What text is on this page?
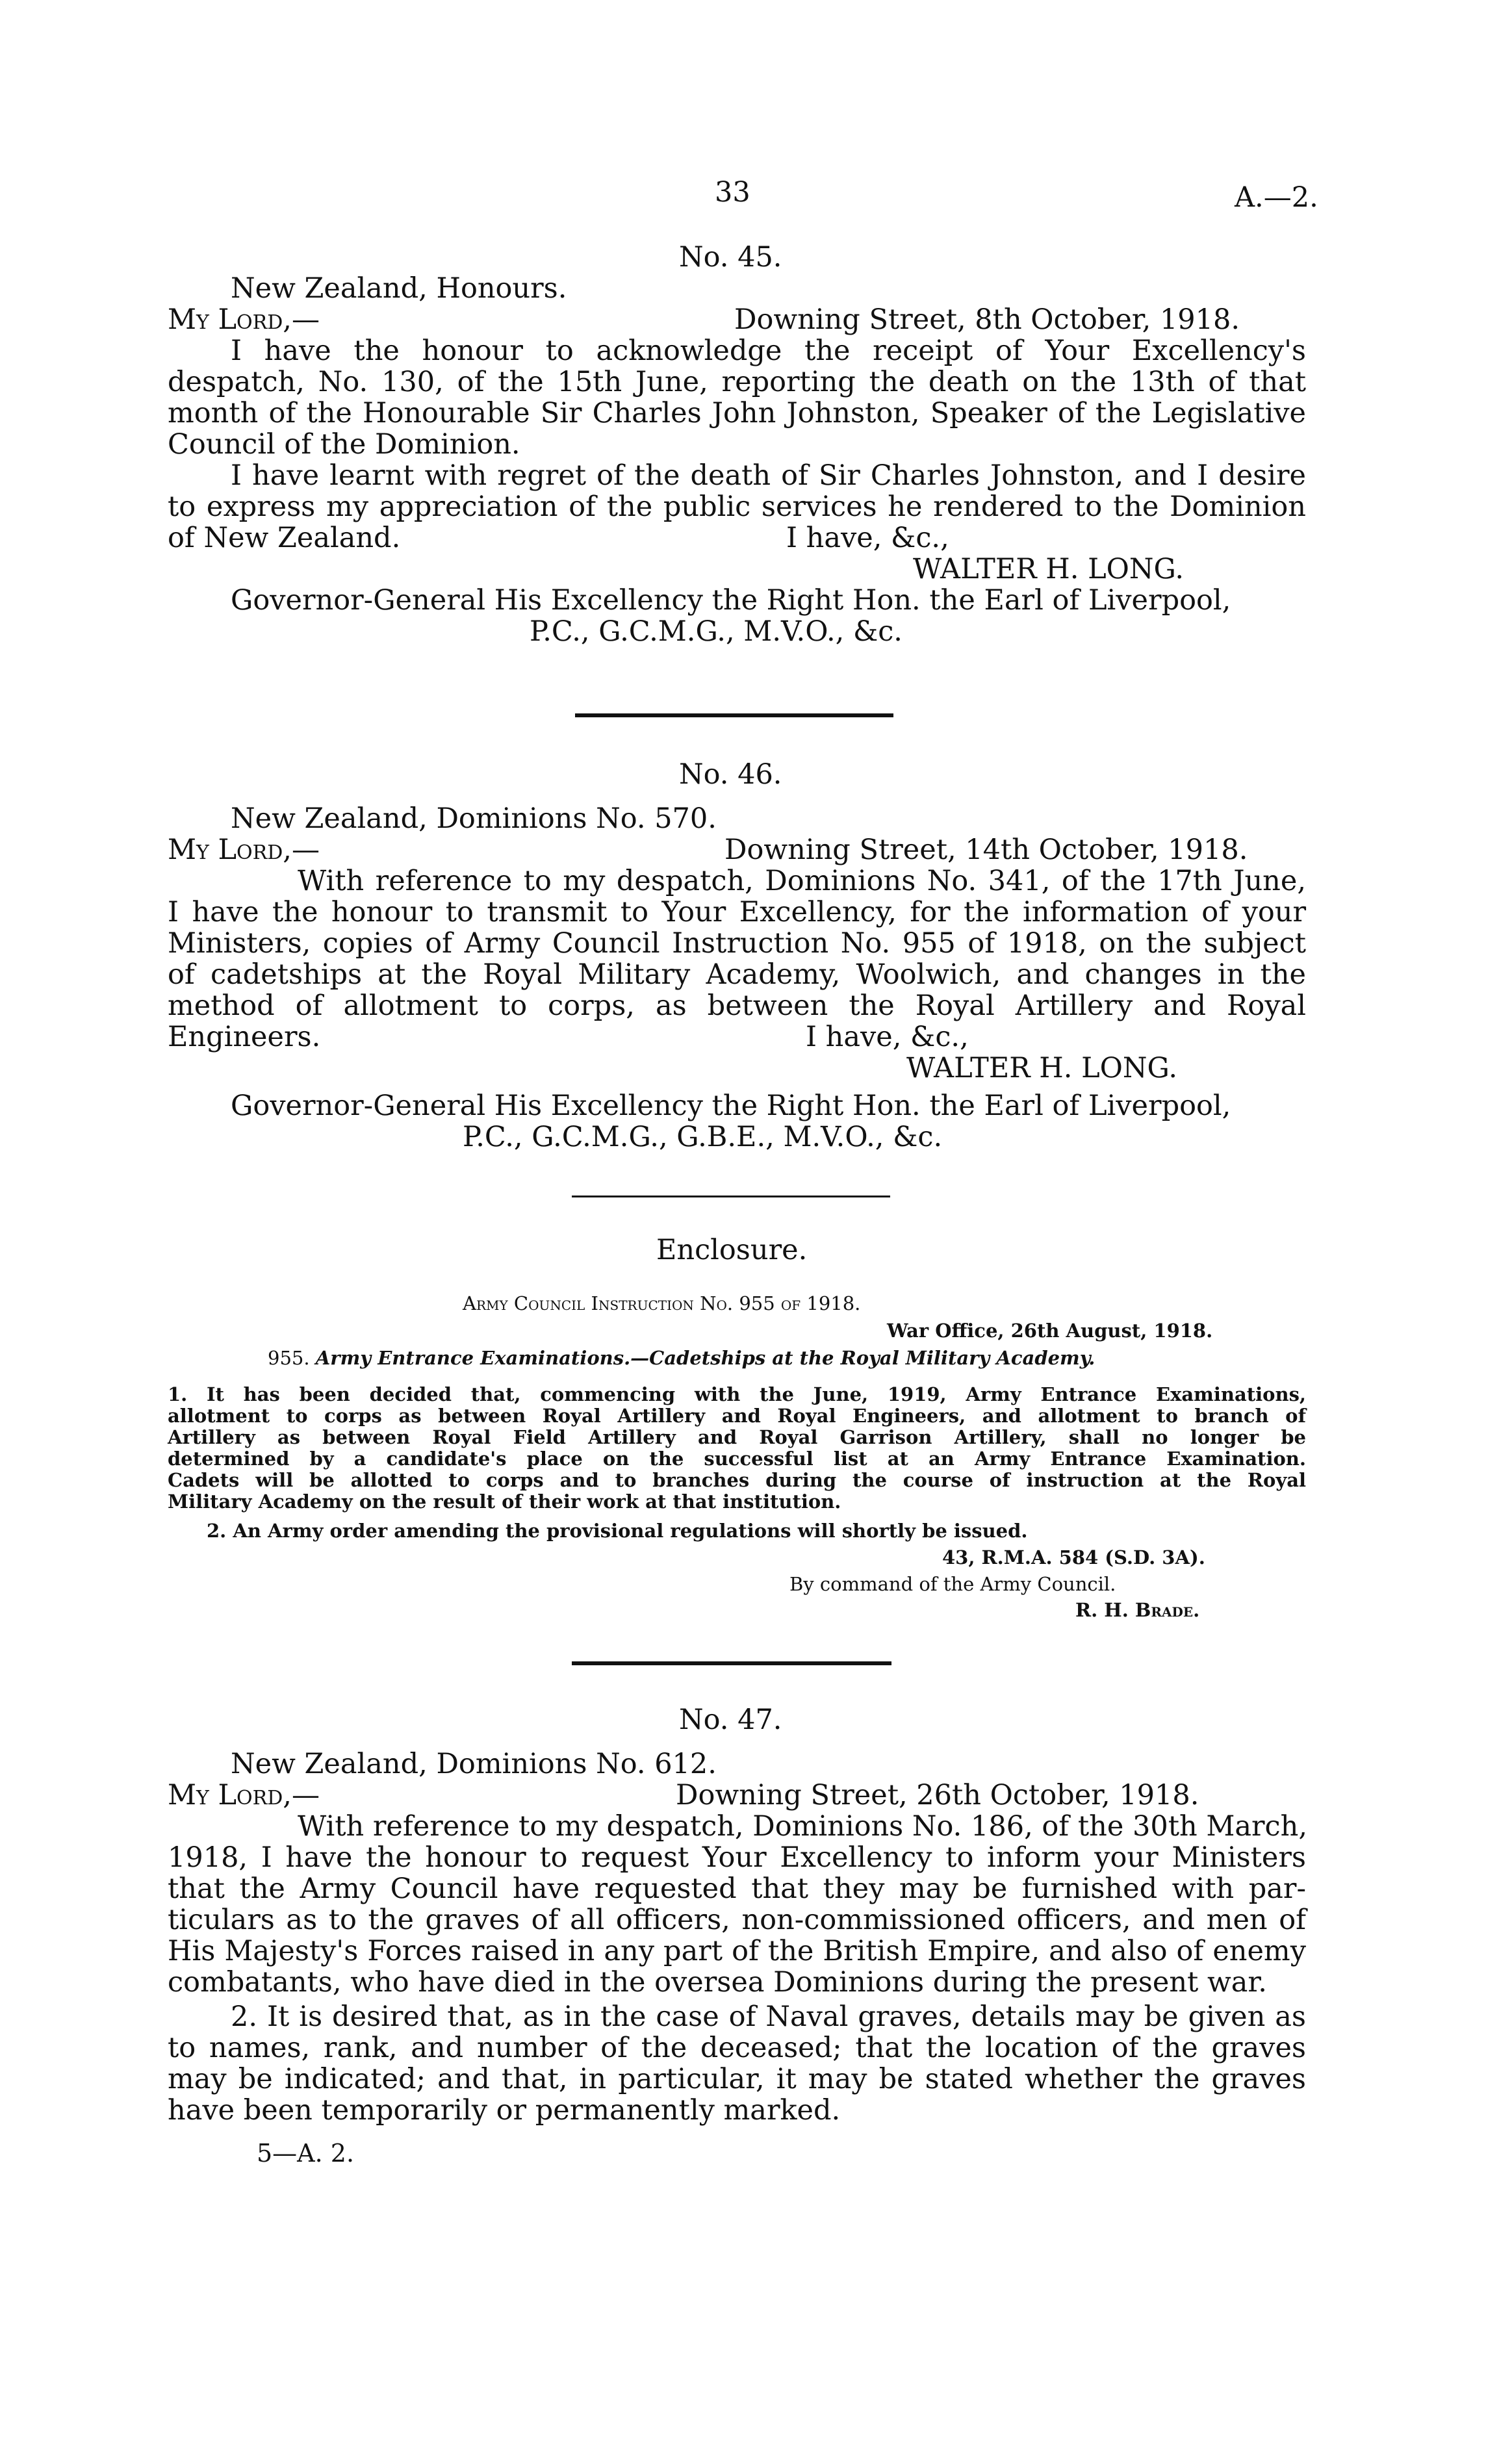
33	A.—2.
No. 45.
New Zealand, Honours.
My Lord,—	Downing Street, 8th October, 1918.
I have the honour to acknowledge the receipt of Your Excellency's
despatch, No. 130, of the 15th June, reporting the death on the 13th of that
month of the Honourable Sir Charles John Johnston, Speaker of the Legislative
Council of the Dominion.
I have learnt with regret of the death of Sir Charles Johnston, and I desire
to express my appreciation of the public services he rendered to the Dominion
of New Zealand.	I have, &c.,
WALTER H. LONG.
Governor-General His Excellency the Right Hon. the Earl of Liverpool,
P.C., G.C.M.G., M.V.O., &c.
No. 46.
New Zealand, Dominions No. 570.
My Lord,—	Downing Street, 14th October, 1918.
With reference to my despatch, Dominions No. 341, of the 17th June,
I have the honour to transmit to Your Excellency, for the information of your
Ministers, copies of Army Council Instruction No. 955 of 1918, on the subject
of cadetships at the Royal Military Academy, Woolwich, and changes in the
method of allotment to corps, as between the Royal Artillery and Royal
Engineers.	I have, &c.,
WALTER H. LONG.
Governor-General His Excellency the Right Hon. the Earl of Liverpool,
P.C., G.C.M.G., G.B.E., M.V.O., &c.
Enclosure.
Army Council Instruction No. 955 of 1918.
War Office, 26th August, 1918.
955. Army Entrance Examinations.—Cadetships at the Royal Military Academy.
1. It has been decided that, commencing with the June, 1919, Army Entrance Examinations,
allotment to corps as between Royal Artillery and Royal Engineers, and allotment to branch of
Artillery as between Royal Field Artillery and Royal Garrison Artillery, shall no longer be
determined by a candidate's place on the successful list at an Army Entrance Examination.
Cadets will be allotted to corps and to branches during the course of instruction at the Royal
Military Academy on the result of their work at that institution.
2. An Army order amending the provisional regulations will shortly be issued.
43, R.M.A. 584 (S.D. 3A).
By command of the Army Council.
R. H. Brade.
No. 47.
New Zealand, Dominions No. 612.
My Lord,—	Downing Street, 26th October, 1918.
With reference to my despatch, Dominions No. 186, of the 30th March,
1918, I have the honour to request Your Excellency to inform your Ministers
that the Army Council have requested that they may be furnished with par-
ticulars as to the graves of all officers, non-commissioned officers, and men of
His Majesty's Forces raised in any part of the British Empire, and also of enemy
combatants, who have died in the oversea Dominions during the present war.
2. It is desired that, as in the case of Naval graves, details may be given as
to names, rank, and number of the deceased; that the location of the graves
may be indicated; and that, in particular, it may be stated whether the graves
have been temporarily or permanently marked.
5—A. 2.
